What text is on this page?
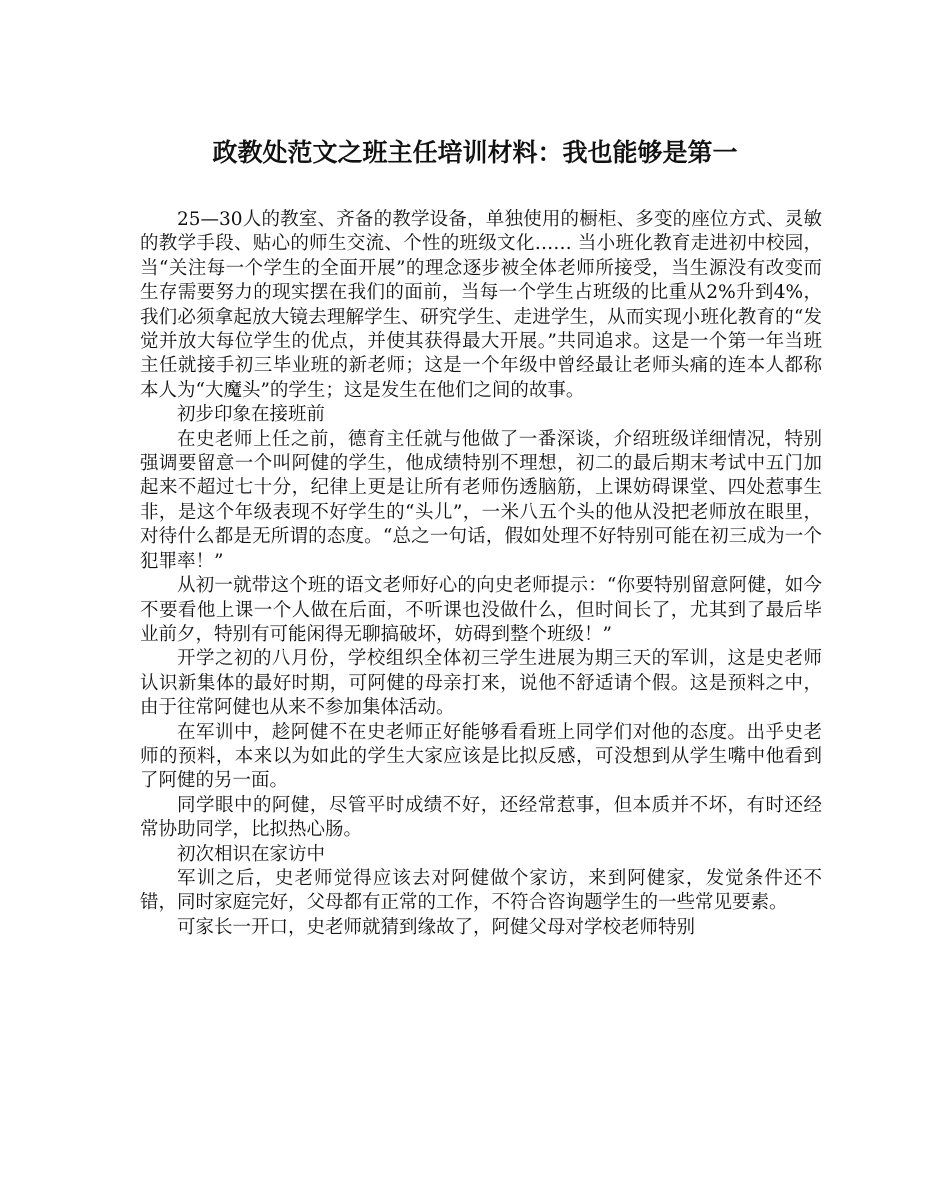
政教处范文之班主任培训材料：我也能够是第一

25—30人的教室、齐备的教学设备，单独使用的橱柜、多变的座位方式、灵敏的教学手段、贴心的师生交流、个性的班级文化…… 当小班化教育走进初中校园，当“关注每一个学生的全面开展”的理念逐步被全体老师所接受，当生源没有改变而生存需要努力的现实摆在我们的面前，当每一个学生占班级的比重从2%升到4%，我们必须拿起放大镜去理解学生、研究学生、走进学生，从而实现小班化教育的“发觉并放大每位学生的优点，并使其获得最大开展。”共同追求。这是一个第一年当班主任就接手初三毕业班的新老师；这是一个年级中曾经最让老师头痛的连本人都称本人为“大魔头”的学生；这是发生在他们之间的故事。

初步印象在接班前

在史老师上任之前，德育主任就与他做了一番深谈，介绍班级详细情况，特别强调要留意一个叫阿健的学生，他成绩特别不理想，初二的最后期末考试中五门加起来不超过七十分，纪律上更是让所有老师伤透脑筋，上课妨碍课堂、四处惹事生非，是这个年级表现不好学生的“头儿”，一米八五个头的他从没把老师放在眼里，对待什么都是无所谓的态度。“总之一句话，假如处理不好特别可能在初三成为一个犯罪率！”

从初一就带这个班的语文老师好心的向史老师提示：“你要特别留意阿健，如今不要看他上课一个人做在后面，不听课也没做什么，但时间长了，尤其到了最后毕业前夕，特别有可能闲得无聊搞破坏，妨碍到整个班级！”

开学之初的八月份，学校组织全体初三学生进展为期三天的军训，这是史老师认识新集体的最好时期，可阿健的母亲打来，说他不舒适请个假。这是预料之中，由于往常阿健也从来不参加集体活动。

在军训中，趁阿健不在史老师正好能够看看班上同学们对他的态度。出乎史老师的预料，本来以为如此的学生大家应该是比拟反感，可没想到从学生嘴中他看到了阿健的另一面。

同学眼中的阿健，尽管平时成绩不好，还经常惹事，但本质并不坏，有时还经常协助同学，比拟热心肠。

初次相识在家访中

军训之后，史老师觉得应该去对阿健做个家访，来到阿健家，发觉条件还不错，同时家庭完好，父母都有正常的工作，不符合咨询题学生的一些常见要素。

可家长一开口，史老师就猜到缘故了，阿健父母对学校老师特别
